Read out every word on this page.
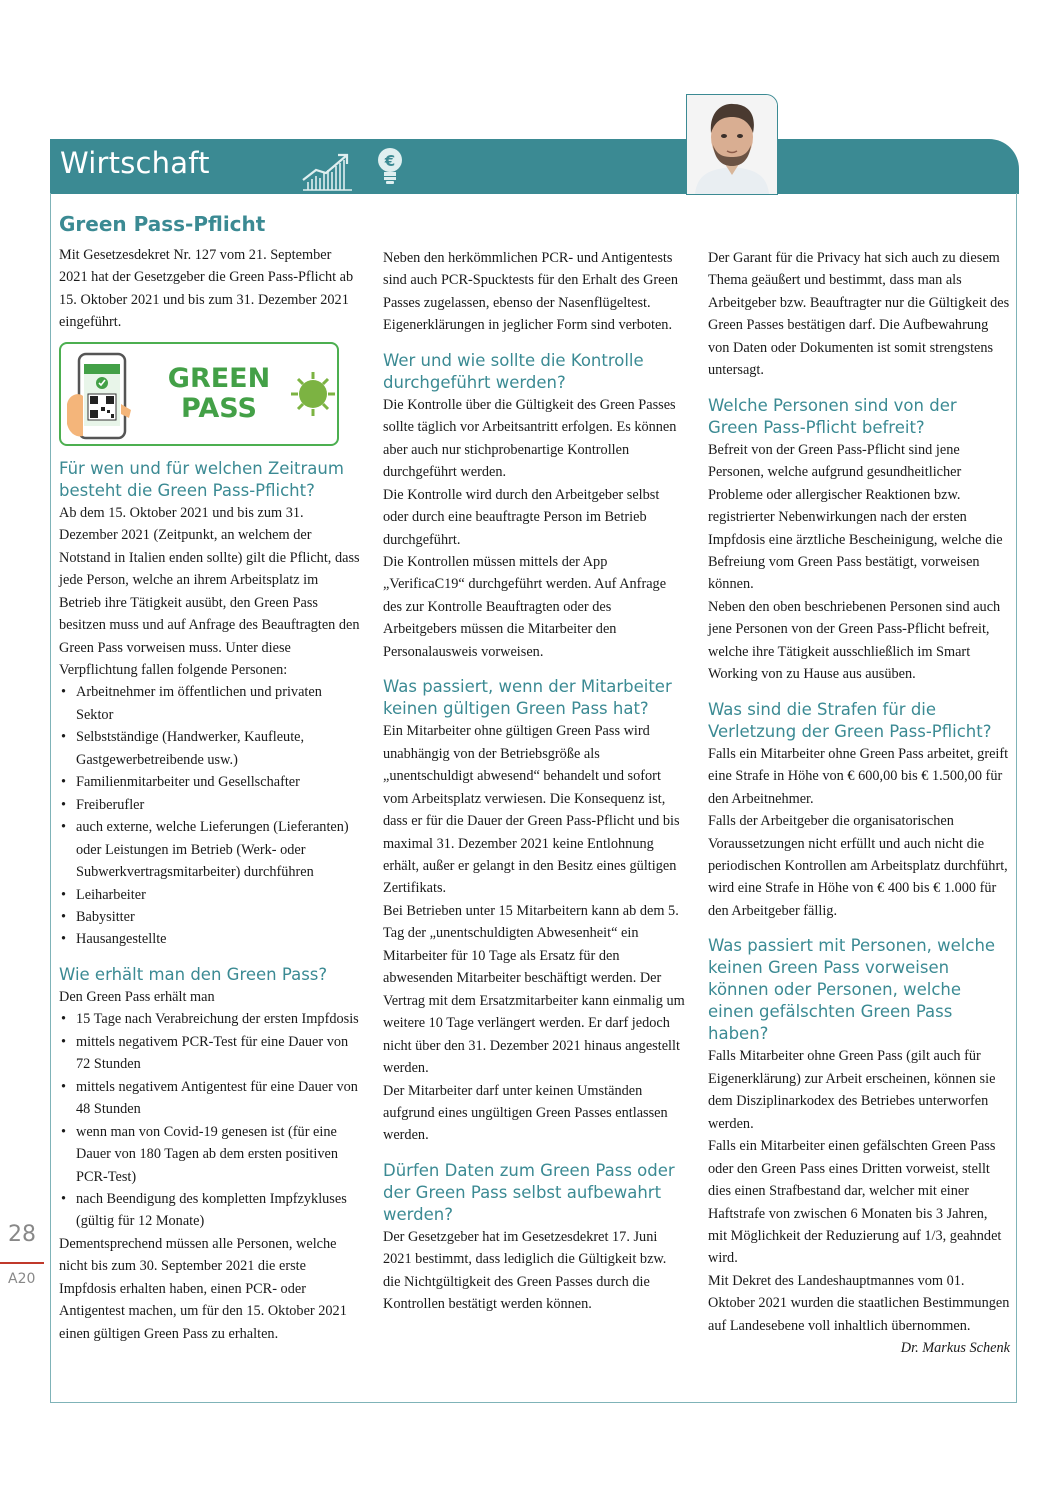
Wirtschaft	€
Green Pass-Pflicht

Mit Gesetzesdekret Nr. 127 vom 21. September 2021 hat der Gesetzgeber die Green Pass-Pflicht ab 15. Oktober 2021 und bis zum 31. Dezember 2021 eingeführt.

GREEN
PASS
Für wen und für welchen Zeitraum besteht die Green Pass-Pflicht?

Ab dem 15. Oktober 2021 und bis zum 31. Dezember 2021 (Zeitpunkt, an welchem der Notstand in Italien enden sollte) gilt die Pflicht, dass jede Person, welche an ihrem Arbeitsplatz im Betrieb ihre Tätigkeit ausübt, den Green Pass besitzen muss und auf Anfrage des Beauftragten den Green Pass vorweisen muss. Unter diese Verpflichtung fallen folgende Personen:

• Arbeitnehmer im öffentlichen und privaten Sektor
• Selbstständige (Handwerker, Kaufleute, Gastgewerbetreibende usw.)
• Familienmitarbeiter und Gesellschafter
• Freiberufler
• auch externe, welche Lieferungen (Lieferanten) oder Leistungen im Betrieb (Werk- oder Subwerkvertragsmitarbeiter) durchführen
• Leiharbeiter
• Babysitter
• Hausangestellte
Wie erhält man den Green Pass?

Den Green Pass erhält man

• 15 Tage nach Verabreichung der ersten Impfdosis
• mittels negativem PCR-Test für eine Dauer von 72 Stunden
• mittels negativem Antigentest für eine Dauer von 48 Stunden
• wenn man von Covid-19 genesen ist (für eine Dauer von 180 Tagen ab dem ersten positiven PCR-Test)
• nach Beendigung des kompletten Impfzykluses (gültig für 12 Monate)

Dementsprechend müssen alle Personen, welche nicht bis zum 30. September 2021 die erste Impfdosis erhalten haben, einen PCR- oder Antigentest machen, um für den 15. Oktober 2021 einen gültigen Green Pass zu erhalten.

Neben den herkömmlichen PCR- und Antigentests sind auch PCR-Spucktests für den Erhalt des Green Passes zugelassen, ebenso der Nasenflügeltest.

Eigenerklärungen in jeglicher Form sind verboten.

Wer und wie sollte die Kontrolle durchgeführt werden?

Die Kontrolle über die Gültigkeit des Green Passes sollte täglich vor Arbeitsantritt erfolgen. Es können aber auch nur stichprobenartige Kontrollen durchgeführt werden.

Die Kontrolle wird durch den Arbeitgeber selbst oder durch eine beauftragte Person im Betrieb durchgeführt.

Die Kontrollen müssen mittels der App „VerificaC19“ durchgeführt werden. Auf Anfrage des zur Kontrolle Beauftragten oder des Arbeitgebers müssen die Mitarbeiter den Personalausweis vorweisen.

Was passiert, wenn der Mitarbeiter keinen gültigen Green Pass hat?

Ein Mitarbeiter ohne gültigen Green Pass wird unabhängig von der Betriebsgröße als „unentschuldigt abwesend“ behandelt und sofort vom Arbeitsplatz verwiesen. Die Konsequenz ist, dass er für die Dauer der Green Pass-Pflicht und bis maximal 31. Dezember 2021 keine Entlohnung erhält, außer er gelangt in den Besitz eines gültigen Zertifikats.

Bei Betrieben unter 15 Mitarbeitern kann ab dem 5. Tag der „unentschuldigten Abwesenheit“ ein Mitarbeiter für 10 Tage als Ersatz für den abwesenden Mitarbeiter beschäftigt werden. Der Vertrag mit dem Ersatzmitarbeiter kann einmalig um weitere 10 Tage verlängert werden. Er darf jedoch nicht über den 31. Dezember 2021 hinaus angestellt werden.

Der Mitarbeiter darf unter keinen Umständen aufgrund eines ungültigen Green Passes entlassen werden.

Dürfen Daten zum Green Pass oder der Green Pass selbst aufbewahrt werden?

Der Gesetzgeber hat im Gesetzesdekret 17. Juni 2021 bestimmt, dass lediglich die Gültigkeit bzw. die Nichtgültigkeit des Green Passes durch die Kontrollen bestätigt werden können.

Der Garant für die Privacy hat sich auch zu diesem Thema geäußert und bestimmt, dass man als Arbeitgeber bzw. Beauftragter nur die Gültigkeit des Green Passes bestätigen darf. Die Aufbewahrung von Daten oder Dokumenten ist somit strengstens untersagt.

Welche Personen sind von der Green Pass-Pflicht befreit?

Befreit von der Green Pass-Pflicht sind jene Personen, welche aufgrund gesundheitlicher Probleme oder allergischer Reaktionen bzw. registrierter Nebenwirkungen nach der ersten Impfdosis eine ärztliche Bescheinigung, welche die Befreiung vom Green Pass bestätigt, vorweisen können.

Neben den oben beschriebenen Personen sind auch jene Personen von der Green Pass-Pflicht befreit, welche ihre Tätigkeit ausschließlich im Smart Working von zu Hause aus ausüben.

Was sind die Strafen für die Verletzung der Green Pass-Pflicht?

Falls ein Mitarbeiter ohne Green Pass arbeitet, greift eine Strafe in Höhe von € 600,00 bis € 1.500,00 für den Arbeitnehmer.

Falls der Arbeitgeber die organisatorischen Voraussetzungen nicht erfüllt und auch nicht die periodischen Kontrollen am Arbeitsplatz durchführt, wird eine Strafe in Höhe von € 400 bis € 1.000 für den Arbeitgeber fällig.

Was passiert mit Personen, welche keinen Green Pass vorweisen können oder Personen, welche einen gefälschten Green Pass haben?

Falls Mitarbeiter ohne Green Pass (gilt auch für Eigenerklärung) zur Arbeit erscheinen, können sie dem Disziplinarkodex des Betriebes unterworfen werden.

Falls ein Mitarbeiter einen gefälschten Green Pass oder den Green Pass eines Dritten vorweist, stellt dies einen Strafbestand dar, welcher mit einer Haftstrafe von zwischen 6 Monaten bis 3 Jahren, mit Möglichkeit der Reduzierung auf 1/3, geahndet wird.

Mit Dekret des Landeshauptmannes vom 01. Oktober 2021 wurden die staatlichen Bestimmungen auf Landesebene voll inhaltlich übernommen.

Dr. Markus Schenk

28
A20
